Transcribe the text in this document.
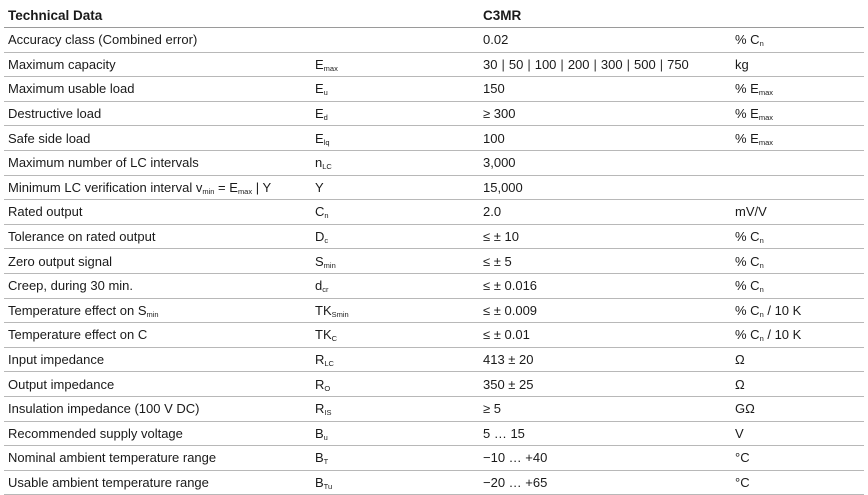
Technical Data		C3MR	
Accuracy class (Combined error)		0.02	% $C_n$
Maximum capacity	$E_{max}$	30 | 50 | 100 | 200 | 300 | 500 | 750	kg
Maximum usable load	$E_u$	150	% $E_{max}$
Destructive load	$E_d$	≥ 300	% $E_{max}$
Safe side load	$E_{lq}$	100	% $E_{max}$
Maximum number of LC intervals	$n_{LC}$	3,000	
Minimum LC verification interval $v_{min} = E_{max}$ | Y	Y	15,000	
Rated output	$C_n$	2.0	mV/V
Tolerance on rated output	$D_c$	≤ ± 10	% $C_n$
Zero output signal	$S_{min}$	≤ ± 5	% $C_n$
Creep, during 30 min.	$d_{cr}$	≤ ± 0.016	% $C_n$
Temperature effect on $S_{min}$	$TK_{Smin}$	≤ ± 0.009	% $C_n / 10$ K
Temperature effect on C	$TK_C$	≤ ± 0.01	% $C_n / 10$ K
Input impedance	$R_{LC}$	413 ± 20	Ω
Output impedance	$R_O$	350 ± 25	Ω
Insulation impedance (100 V DC)	$R_{IS}$	≥ 5	GΩ
Recommended supply voltage	$B_u$	5 … 15	V
Nominal ambient temperature range	$B_T$	−10 … +40	°C
Usable ambient temperature range	$B_{Tu}$	−20 … +65	°C
